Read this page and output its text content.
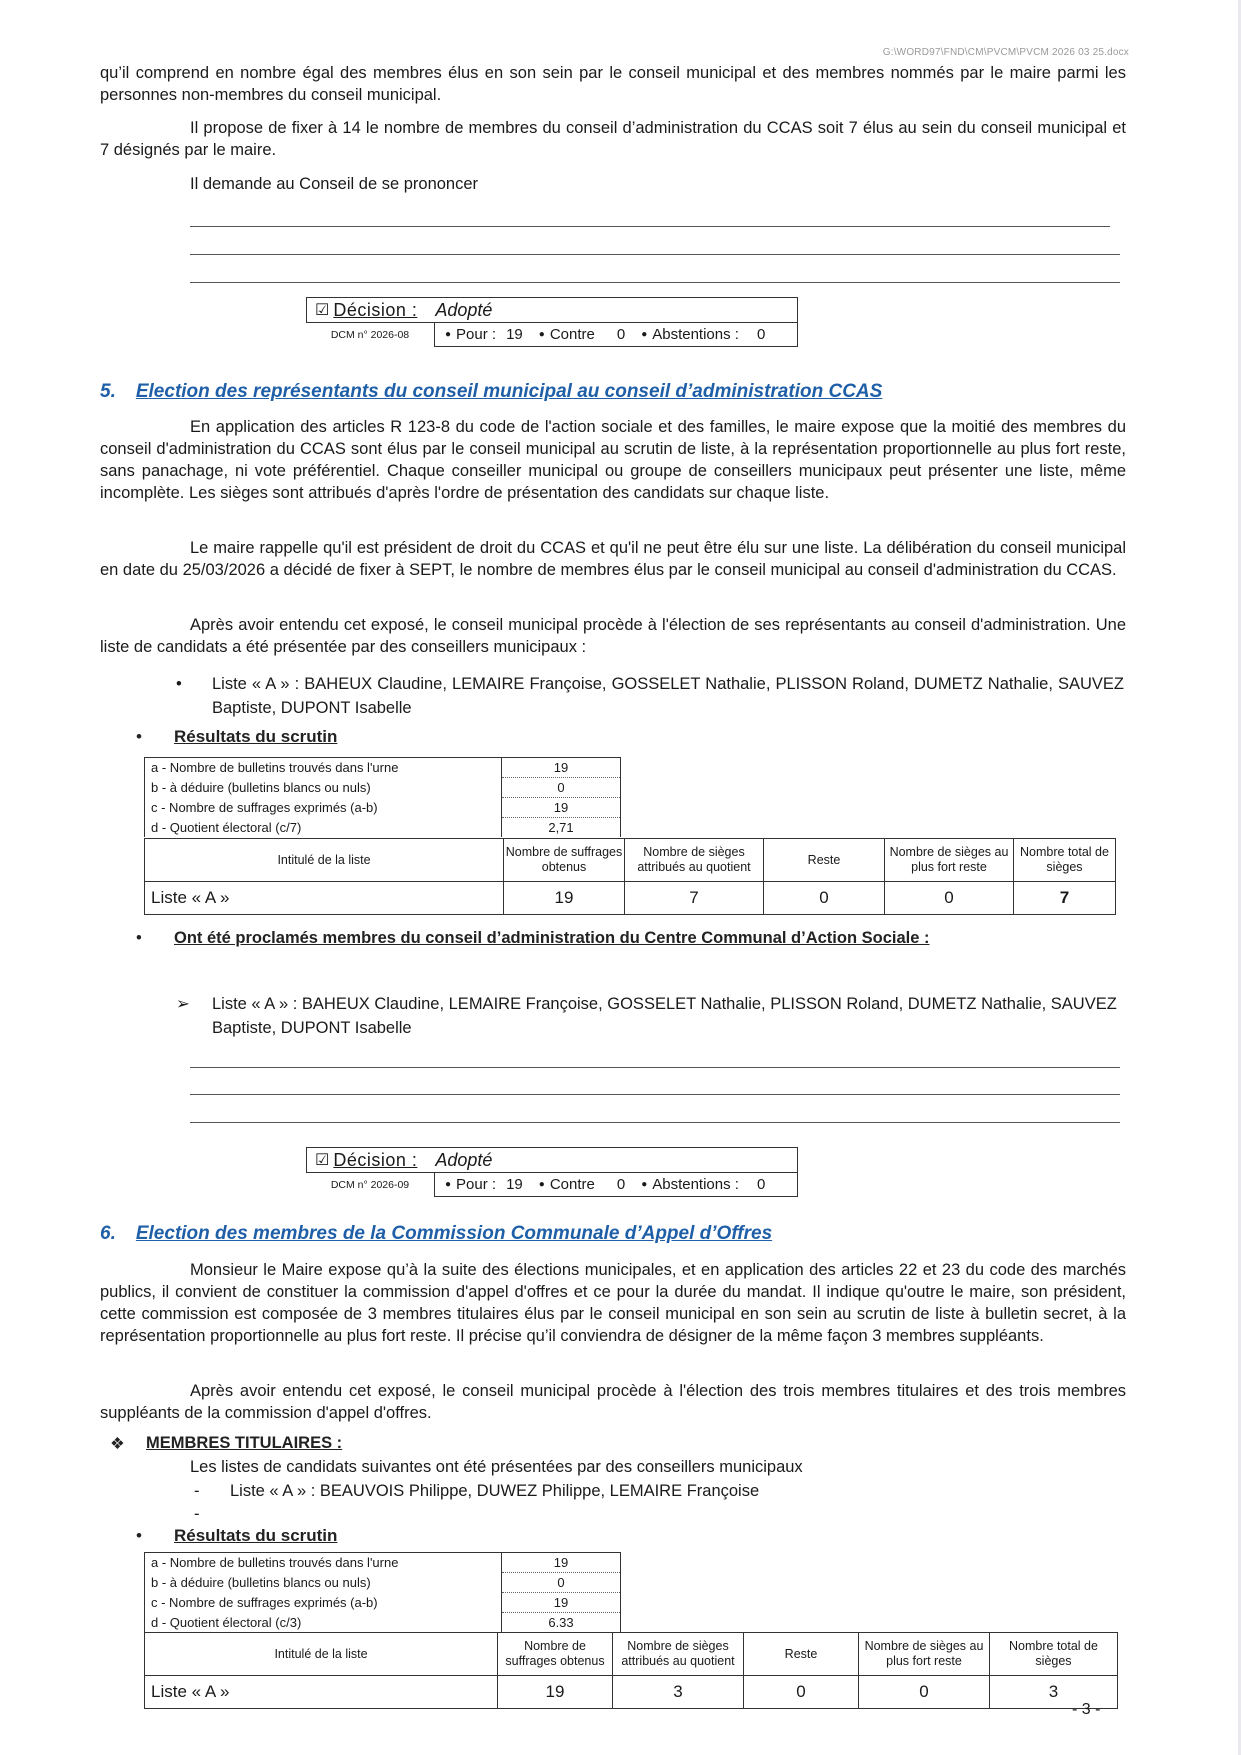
G:\WORD97\FND\CM\PVCM\PVCM 2026 03 25.docx
qu’il comprend en nombre égal des membres élus en son sein par le conseil municipal et des membres nommés par le maire parmi les personnes non-membres du conseil municipal.
Il propose de fixer à 14 le nombre de membres du conseil d’administration du CCAS soit 7 élus au sein du conseil municipal et 7 désignés par le maire.
Il demande au Conseil de se prononcer
☑ Décision : Adopté
DCM n° 2026-08	● Pour : 19 ● Contre 0 ● Abstentions : 0
5. Election des représentants du conseil municipal au conseil d’administration CCAS
En application des articles R 123-8 du code de l'action sociale et des familles, le maire expose que la moitié des membres du conseil d'administration du CCAS sont élus par le conseil municipal au scrutin de liste, à la représentation proportionnelle au plus fort reste, sans panachage, ni vote préférentiel. Chaque conseiller municipal ou groupe de conseillers municipaux peut présenter une liste, même incomplète. Les sièges sont attribués d'après l'ordre de présentation des candidats sur chaque liste.
Le maire rappelle qu'il est président de droit du CCAS et qu'il ne peut être élu sur une liste. La délibération du conseil municipal en date du 25/03/2026 a décidé de fixer à SEPT, le nombre de membres élus par le conseil municipal au conseil d'administration du CCAS.
Après avoir entendu cet exposé, le conseil municipal procède à l'élection de ses représentants au conseil d'administration. Une liste de candidats a été présentée par des conseillers municipaux :
• Liste « A » : BAHEUX Claudine, LEMAIRE Françoise, GOSSELET Nathalie, PLISSON Roland, DUMETZ Nathalie, SAUVEZ Baptiste, DUPONT Isabelle
• Résultats du scrutin
a - Nombre de bulletins trouvés dans l'urne	19
b - à déduire (bulletins blancs ou nuls)	0
c - Nombre de suffrages exprimés (a-b)	19
d - Quotient électoral (c/7)	2,71
Intitulé de la liste	Nombre de suffrages obtenus	Nombre de sièges attribués au quotient	Reste	Nombre de sièges au plus fort reste	Nombre total de sièges
Liste « A »	19	7	0	0	7
• Ont été proclamés membres du conseil d’administration du Centre Communal d’Action Sociale :
➢ Liste « A » : BAHEUX Claudine, LEMAIRE Françoise, GOSSELET Nathalie, PLISSON Roland, DUMETZ Nathalie, SAUVEZ Baptiste, DUPONT Isabelle
☑ Décision : Adopté
DCM n° 2026-09	● Pour : 19 ● Contre 0 ● Abstentions : 0
6. Election des membres de la Commission Communale d’Appel d’Offres
Monsieur le Maire expose qu’à la suite des élections municipales, et en application des articles 22 et 23 du code des marchés publics, il convient de constituer la commission d'appel d'offres et ce pour la durée du mandat. Il indique qu'outre le maire, son président, cette commission est composée de 3 membres titulaires élus par le conseil municipal en son sein au scrutin de liste à bulletin secret, à la représentation proportionnelle au plus fort reste. Il précise qu’il conviendra de désigner de la même façon 3 membres suppléants.
Après avoir entendu cet exposé, le conseil municipal procède à l'élection des trois membres titulaires et des trois membres suppléants de la commission d'appel d'offres.
❖ MEMBRES TITULAIRES :
Les listes de candidats suivantes ont été présentées par des conseillers municipaux
- Liste « A » : BEAUVOIS Philippe, DUWEZ Philippe, LEMAIRE Françoise
-
• Résultats du scrutin
a - Nombre de bulletins trouvés dans l'urne	19
b - à déduire (bulletins blancs ou nuls)	0
c - Nombre de suffrages exprimés (a-b)	19
d - Quotient électoral (c/3)	6.33
Intitulé de la liste	Nombre de suffrages obtenus	Nombre de sièges attribués au quotient	Reste	Nombre de sièges au plus fort reste	Nombre total de sièges
Liste « A »	19	3	0	0	3
- 3 -
